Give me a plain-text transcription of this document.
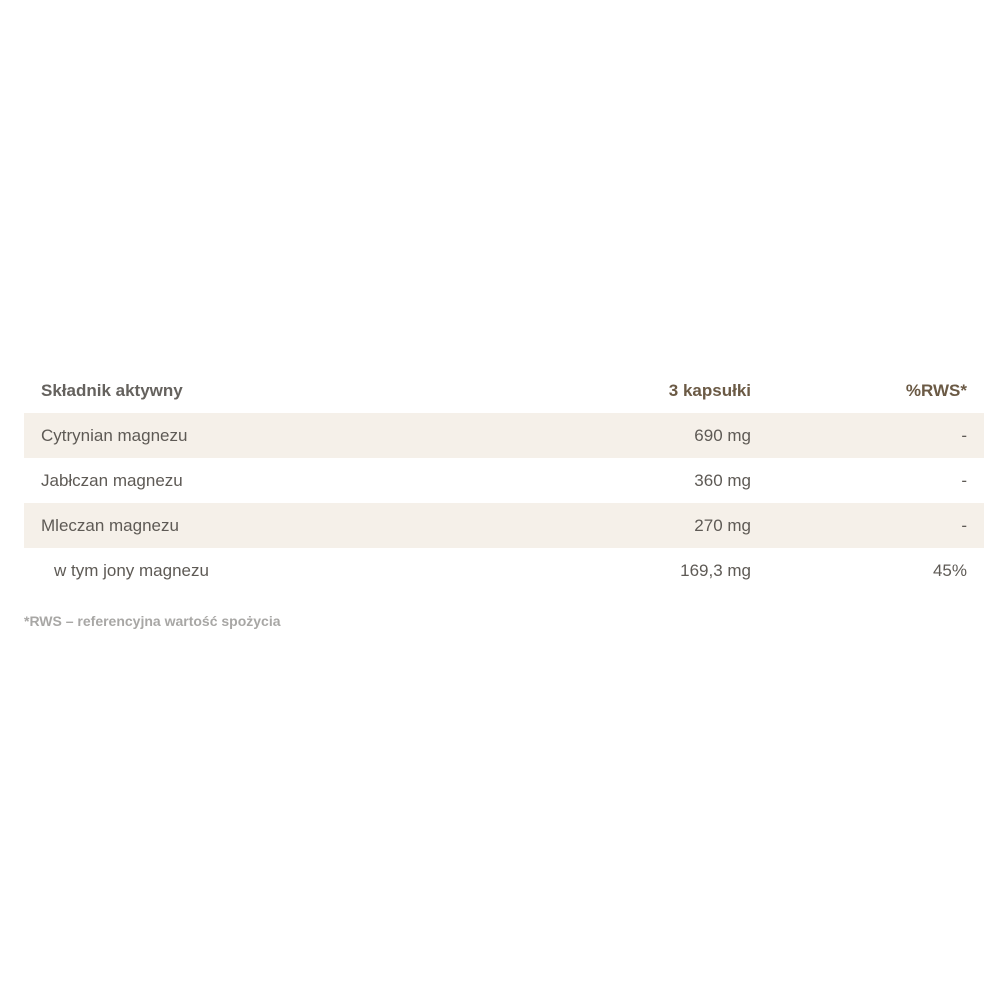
Składnik aktywny	3 kapsułki	%RWS*
Cytrynian magnezu	690 mg	-
Jabłczan magnezu	360 mg	-
Mleczan magnezu	270 mg	-
w tym jony magnezu	169,3 mg	45%
*RWS – referencyjna wartość spożycia
